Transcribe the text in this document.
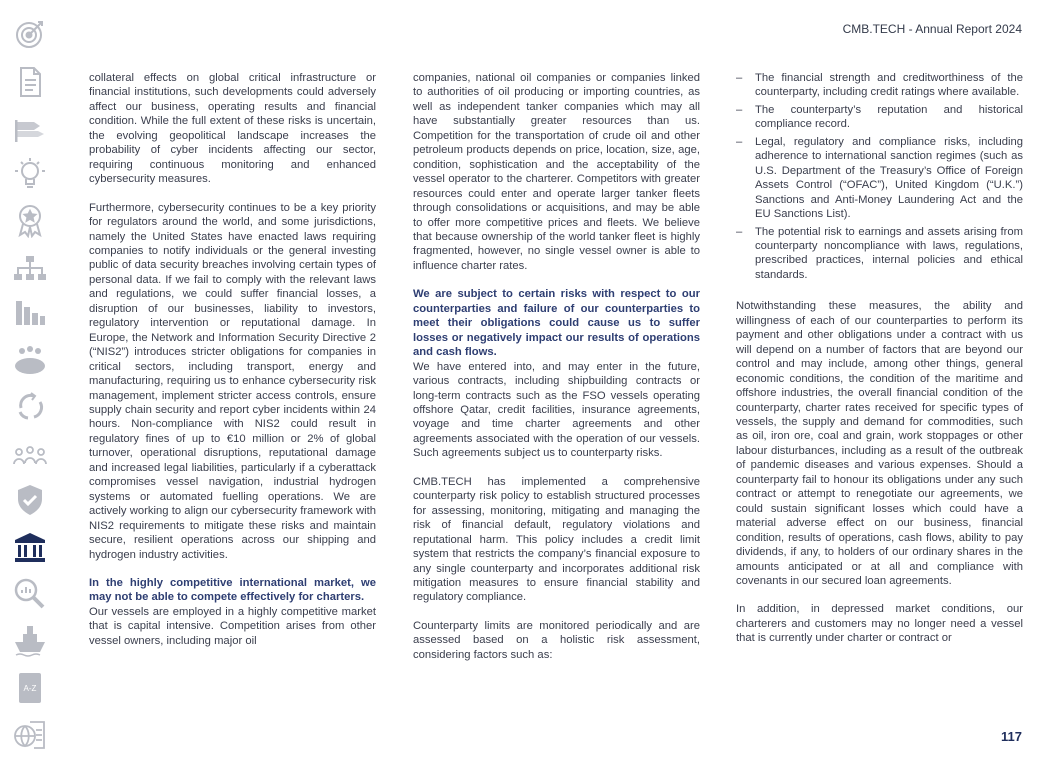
A-Z
CMB.TECH - Annual Report 2024

collateral effects on global critical infrastructure or financial institutions, such developments could adversely affect our business, operating results and financial condition. While the full extent of these risks is uncertain, the evolving geopolitical landscape increases the probability of cyber incidents affecting our sector, requiring continuous monitoring and enhanced cybersecurity measures.

Furthermore, cybersecurity continues to be a key priority for regulators around the world, and some jurisdictions, namely the United States have enacted laws requiring companies to notify individuals or the general investing public of data security breaches involving certain types of personal data. If we fail to comply with the relevant laws and regulations, we could suffer financial losses, a disruption of our businesses, liability to investors, regulatory intervention or reputational damage. In Europe, the Network and Information Security Directive 2 (“NIS2”) introduces stricter obligations for companies in critical sectors, including transport, energy and manufacturing, requiring us to enhance cybersecurity risk management, implement stricter access controls, ensure supply chain security and report cyber incidents within 24 hours. Non-compliance with NIS2 could result in regulatory fines of up to €10 million or 2% of global turnover, operational disruptions, reputational damage and increased legal liabilities, particularly if a cyberattack compromises vessel navigation, industrial hydrogen systems or automated fuelling operations. We are actively working to align our cybersecurity framework with NIS2 requirements to mitigate these risks and maintain secure, resilient operations across our shipping and hydrogen industry activities.

In the highly competitive international market, we may not be able to compete effectively for charters.

Our vessels are employed in a highly competitive market that is capital intensive. Competition arises from other vessel owners, including major oil

companies, national oil companies or companies linked to authorities of oil producing or importing countries, as well as independent tanker companies which may all have substantially greater resources than us. Competition for the transportation of crude oil and other petroleum products depends on price, location, size, age, condition, sophistication and the acceptability of the vessel operator to the charterer. Competitors with greater resources could enter and operate larger tanker fleets through consolidations or acquisitions, and may be able to offer more competitive prices and fleets. We believe that because ownership of the world tanker fleet is highly fragmented, however, no single vessel owner is able to influence charter rates.

We are subject to certain risks with respect to our counterparties and failure of our counterparties to meet their obligations could cause us to suffer losses or negatively impact our results of operations and cash flows.

We have entered into, and may enter in the future, various contracts, including shipbuilding contracts or long-term contracts such as the FSO vessels operating offshore Qatar, credit facilities, insurance agreements, voyage and time charter agreements and other agreements associated with the operation of our vessels. Such agreements subject us to counterparty risks.

CMB.TECH has implemented a comprehensive counterparty risk policy to establish structured processes for assessing, monitoring, mitigating and managing the risk of financial default, regulatory violations and reputational harm. This policy includes a credit limit system that restricts the company’s financial exposure to any single counterparty and incorporates additional risk mitigation measures to ensure financial stability and regulatory compliance.

Counterparty limits are monitored periodically and are assessed based on a holistic risk assessment, considering factors such as:

– The financial strength and creditworthiness of the counterparty, including credit ratings where available.
– The counterparty’s reputation and historical compliance record.
– Legal, regulatory and compliance risks, including adherence to international sanction regimes (such as U.S. Department of the Treasury’s Office of Foreign Assets Control (“OFAC”), United Kingdom (“U.K.”) Sanctions and Anti-Money Laundering Act and the EU Sanctions List).
– The potential risk to earnings and assets arising from counterparty noncompliance with laws, regulations, prescribed practices, internal policies and ethical standards.

Notwithstanding these measures, the ability and willingness of each of our counterparties to perform its payment and other obligations under a contract with us will depend on a number of factors that are beyond our control and may include, among other things, general economic conditions, the condition of the maritime and offshore industries, the overall financial condition of the counterparty, charter rates received for specific types of vessels, the supply and demand for commodities, such as oil, iron ore, coal and grain, work stoppages or other labour disturbances, including as a result of the outbreak of pandemic diseases and various expenses. Should a counterparty fail to honour its obligations under any such contract or attempt to renegotiate our agreements, we could sustain significant losses which could have a material adverse effect on our business, financial condition, results of operations, cash flows, ability to pay dividends, if any, to holders of our ordinary shares in the amounts anticipated or at all and compliance with covenants in our secured loan agreements.

In addition, in depressed market conditions, our charterers and customers may no longer need a vessel that is currently under charter or contract or

117
